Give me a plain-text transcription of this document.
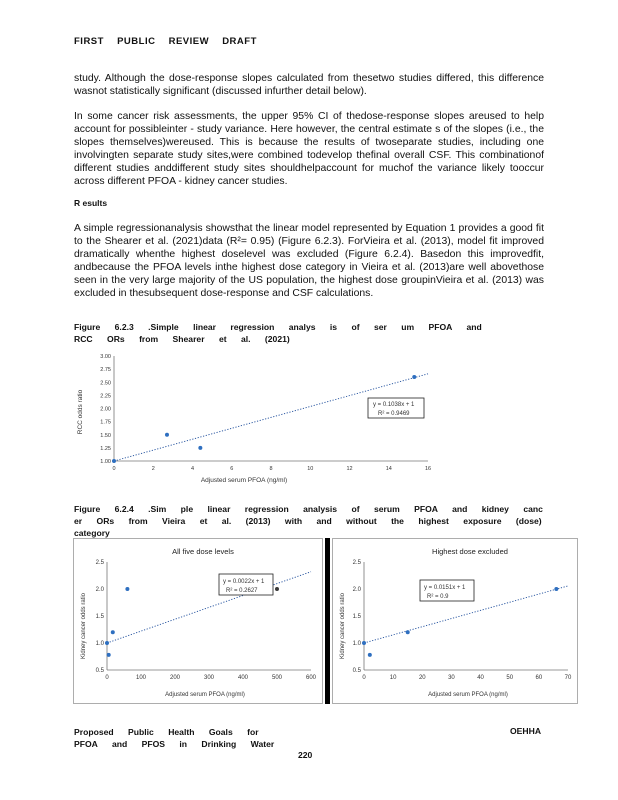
FIRST PUBLIC REVIEW DRAFT
study. Although the dose-response slopes calculated from thesetwo studies differed, this difference wasnot statistically significant (discussed infurther detail below).
In some cancer risk assessments, the upper 95% CI of thedose-response slopes areused to help account for possibleinter - study variance. Here however, the central estimate s of the slopes (i.e., the slopes themselves)wereused. This is because the results of twoseparate studies, including one involvingten separate study sites,were combined todevelop thefinal overall CSF. This combinationof different studies anddifferent study sites shouldhelpaccount for muchof the variance likely tooccur across different PFOA - kidney cancer studies.
R esults
A simple regressionanalysis showsthat the linear model represented by Equation 1 provides a good fit to the Shearer et al. (2021)data (R²= 0.95) (Figure 6.2.3). ForVieira et al. (2013), model fit improved dramatically whenthe highest doselevel was excluded (Figure 6.2.4). Basedon this improvedfit, andbecause the PFOA levels inthe highest dose category in Vieira et al. (2013)are well abovethose seen in the very large majority of the US population, the highest dose groupinVieira et al. (2013) was excluded in thesubsequent dose-response and CSF calculations.
Figure 6.2.3 .Simple linear regression analys is of ser um PFOA and RCC ORs from Shearer et al. (2021)
0	2	4	6	8	10	12	14	16
1.00
1.25
1.50
1.75
2.00
2.25
2.50
2.75
3.00
Adjusted serum PFOA (ng/ml)
RCC odds ratio	y = 0.1038x + 1
R² = 0.9469
Figure 6.2.4 .Sim ple linear regression analysis of serum PFOA and kidney canc er ORs from Vieira et al. (2013) with and without the highest exposure (dose) category
All five dose levels
0	100	200	300	400	500	600
0.5
1.0
1.5
2.0
2.5
Adjusted serum PFOA (ng/ml)
Kidney cancer odds ratio
y = 0.0022x + 1
R² = 0.2627
Highest dose excluded
0	10	20	30	40	50	60	70
0.5
1.0
1.5
2.0
2.5
Adjusted serum PFOA (ng/ml)
Kidney cancer odds ratio
y = 0.0151x + 1
R² = 0.9
Proposed Public Health Goals for
PFOA and PFOS in Drinking Water
OEHHA
220
